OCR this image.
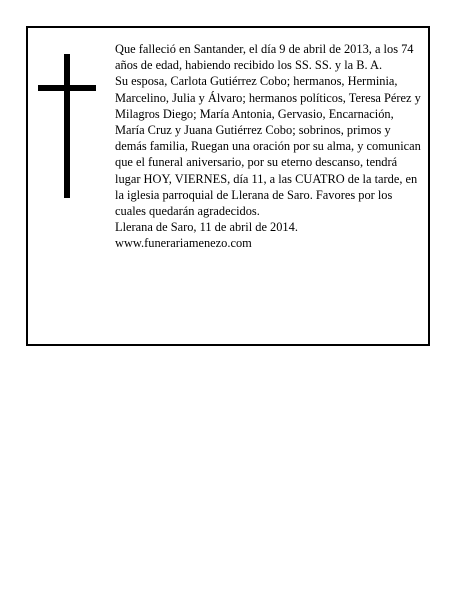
Que falleció en Santander, el día 9 de abril de 2013, a los 74 años de edad, habiendo recibido los SS. SS. y la B. A.

Su esposa, Carlota Gutiérrez Cobo; hermanos, Herminia, Marcelino, Julia y Álvaro; hermanos políticos, Teresa Pérez y Milagros Diego; María Antonia, Gervasio, Encarnación, María Cruz y Juana Gutiérrez Cobo; sobrinos, primos y demás familia, Ruegan una oración por su alma, y comunican que el funeral aniversario, por su eterno descanso, tendrá lugar HOY, VIERNES, día 11, a las CUATRO de la tarde, en la iglesia parroquial de Llerana de Saro. Favores por los cuales quedarán agradecidos.

Llerana de Saro, 11 de abril de 2014.

www.funerariamenezo.com
